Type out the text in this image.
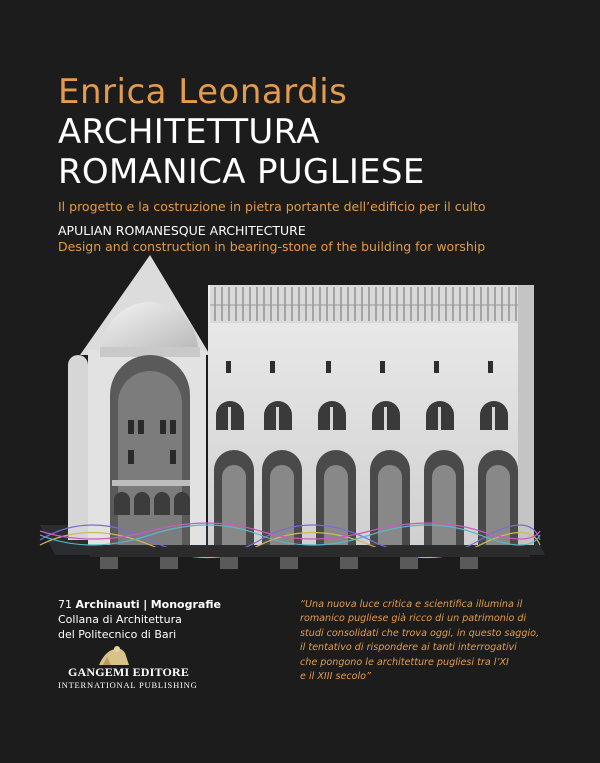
Enrica Leonardis
ARCHITETTURA
ROMANICA PUGLIESE
Il progetto e la costruzione in pietra portante dell’edificio per il culto
APULIAN ROMANESQUE ARCHITECTURE
Design and construction in bearing-stone of the building for worship
71 Archinauti | Monografie
Collana di Architettura
del Politecnico di Bari
“Una nuova luce critica e scientifica illumina il
romanico pugliese già ricco di un patrimonio di
studi consolidati che trova oggi, in questo saggio,
il tentativo di rispondere ai tanti interrogativi
che pongono le architetture pugliesi tra l’XI
e il XIII secolo”
GANGEMI EDITORE
INTERNATIONAL PUBLISHING
